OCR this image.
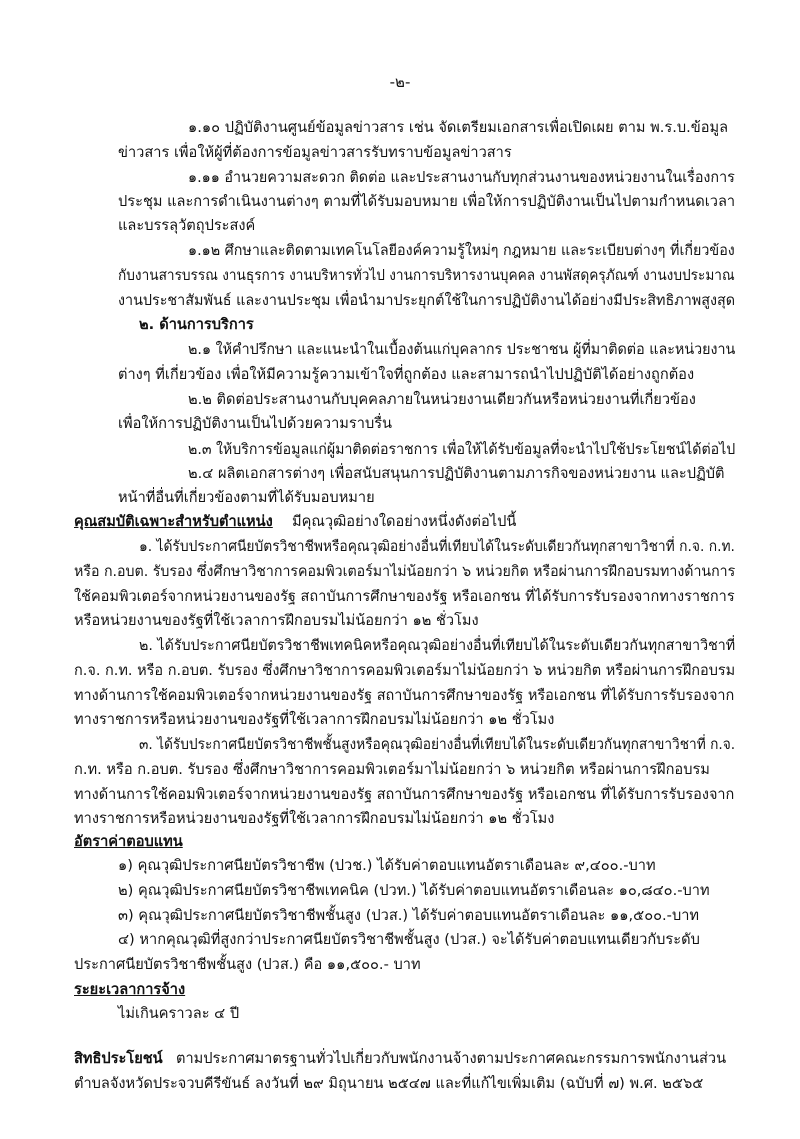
-๒-
๑.๑๐ ปฏิบัติงานศูนย์ข้อมูลข่าวสาร เช่น จัดเตรียมเอกสารเพื่อเปิดเผย ตาม พ.ร.บ.ข้อมูล
ข่าวสาร เพื่อให้ผู้ที่ต้องการข้อมูลข่าวสารรับทราบข้อมูลข่าวสาร
๑.๑๑ อำนวยความสะดวก ติดต่อ และประสานงานกับทุกส่วนงานของหน่วยงานในเรื่องการ
ประชุม และการดำเนินงานต่างๆ ตามที่ได้รับมอบหมาย เพื่อให้การปฏิบัติงานเป็นไปตามกำหนดเวลา
และบรรลุวัตถุประสงค์
๑.๑๒ ศึกษาและติดตามเทคโนโลยีองค์ความรู้ใหม่ๆ กฎหมาย และระเบียบต่างๆ ที่เกี่ยวข้อง
กับงานสารบรรณ งานธุรการ งานบริหารทั่วไป งานการบริหารงานบุคคล งานพัสดุครุภัณฑ์ งานงบประมาณ
งานประชาสัมพันธ์ และงานประชุม เพื่อนำมาประยุกต์ใช้ในการปฏิบัติงานได้อย่างมีประสิทธิภาพสูงสุด
๒. ด้านการบริการ
๒.๑ ให้คำปรึกษา และแนะนำในเบื้องต้นแก่บุคลากร ประชาชน ผู้ที่มาติดต่อ และหน่วยงาน
ต่างๆ ที่เกี่ยวข้อง เพื่อให้มีความรู้ความเข้าใจที่ถูกต้อง และสามารถนำไปปฏิบัติได้อย่างถูกต้อง
๒.๒ ติดต่อประสานงานกับบุคคลภายในหน่วยงานเดียวกันหรือหน่วยงานที่เกี่ยวข้อง
เพื่อให้การปฏิบัติงานเป็นไปด้วยความราบรื่น
๒.๓ ให้บริการข้อมูลแก่ผู้มาติดต่อราชการ เพื่อให้ได้รับข้อมูลที่จะนำไปใช้ประโยชน์ได้ต่อไป
๒.๔ ผลิตเอกสารต่างๆ เพื่อสนับสนุนการปฏิบัติงานตามภารกิจของหน่วยงาน และปฏิบัติ
หน้าที่อื่นที่เกี่ยวข้องตามที่ได้รับมอบหมาย
คุณสมบัติเฉพาะสำหรับตำแหน่ง มีคุณวุฒิอย่างใดอย่างหนึ่งดังต่อไปนี้
๑. ได้รับประกาศนียบัตรวิชาชีพหรือคุณวุฒิอย่างอื่นที่เทียบได้ในระดับเดียวกันทุกสาขาวิชาที่ ก.จ. ก.ท.
หรือ ก.อบต. รับรอง ซึ่งศึกษาวิชาการคอมพิวเตอร์มาไม่น้อยกว่า ๖ หน่วยกิต หรือผ่านการฝึกอบรมทางด้านการ
ใช้คอมพิวเตอร์จากหน่วยงานของรัฐ สถาบันการศึกษาของรัฐ หรือเอกชน ที่ได้รับการรับรองจากทางราชการ
หรือหน่วยงานของรัฐที่ใช้เวลาการฝึกอบรมไม่น้อยกว่า ๑๒ ชั่วโมง
๒. ได้รับประกาศนียบัตรวิชาชีพเทคนิคหรือคุณวุฒิอย่างอื่นที่เทียบได้ในระดับเดียวกันทุกสาขาวิชาที่
ก.จ. ก.ท. หรือ ก.อบต. รับรอง ซึ่งศึกษาวิชาการคอมพิวเตอร์มาไม่น้อยกว่า ๖ หน่วยกิต หรือผ่านการฝึกอบรม
ทางด้านการใช้คอมพิวเตอร์จากหน่วยงานของรัฐ สถาบันการศึกษาของรัฐ หรือเอกชน ที่ได้รับการรับรองจาก
ทางราชการหรือหน่วยงานของรัฐที่ใช้เวลาการฝึกอบรมไม่น้อยกว่า ๑๒ ชั่วโมง
๓. ได้รับประกาศนียบัตรวิชาชีพชั้นสูงหรือคุณวุฒิอย่างอื่นที่เทียบได้ในระดับเดียวกันทุกสาขาวิชาที่ ก.จ.
ก.ท. หรือ ก.อบต. รับรอง ซึ่งศึกษาวิชาการคอมพิวเตอร์มาไม่น้อยกว่า ๖ หน่วยกิต หรือผ่านการฝึกอบรม
ทางด้านการใช้คอมพิวเตอร์จากหน่วยงานของรัฐ สถาบันการศึกษาของรัฐ หรือเอกชน ที่ได้รับการรับรองจาก
ทางราชการหรือหน่วยงานของรัฐที่ใช้เวลาการฝึกอบรมไม่น้อยกว่า ๑๒ ชั่วโมง
อัตราค่าตอบแทน
๑) คุณวุฒิประกาศนียบัตรวิชาชีพ (ปวช.) ได้รับค่าตอบแทนอัตราเดือนละ ๙,๔๐๐.-บาท
๒) คุณวุฒิประกาศนียบัตรวิชาชีพเทคนิค (ปวท.) ได้รับค่าตอบแทนอัตราเดือนละ ๑๐,๘๔๐.-บาท
๓) คุณวุฒิประกาศนียบัตรวิชาชีพชั้นสูง (ปวส.) ได้รับค่าตอบแทนอัตราเดือนละ ๑๑,๕๐๐.-บาท
๔) หากคุณวุฒิที่สูงกว่าประกาศนียบัตรวิชาชีพชั้นสูง (ปวส.) จะได้รับค่าตอบแทนเดียวกับระดับ
ประกาศนียบัตรวิชาชีพชั้นสูง (ปวส.) คือ ๑๑,๕๐๐.- บาท
ระยะเวลาการจ้าง
ไม่เกินคราวละ ๔ ปี
สิทธิประโยชน์ ตามประกาศมาตรฐานทั่วไปเกี่ยวกับพนักงานจ้างตามประกาศคณะกรรมการพนักงานส่วน
ตำบลจังหวัดประจวบคีรีขันธ์ ลงวันที่ ๒๙ มิถุนายน ๒๕๔๗ และที่แก้ไขเพิ่มเติม (ฉบับที่ ๗) พ.ศ. ๒๕๖๕
